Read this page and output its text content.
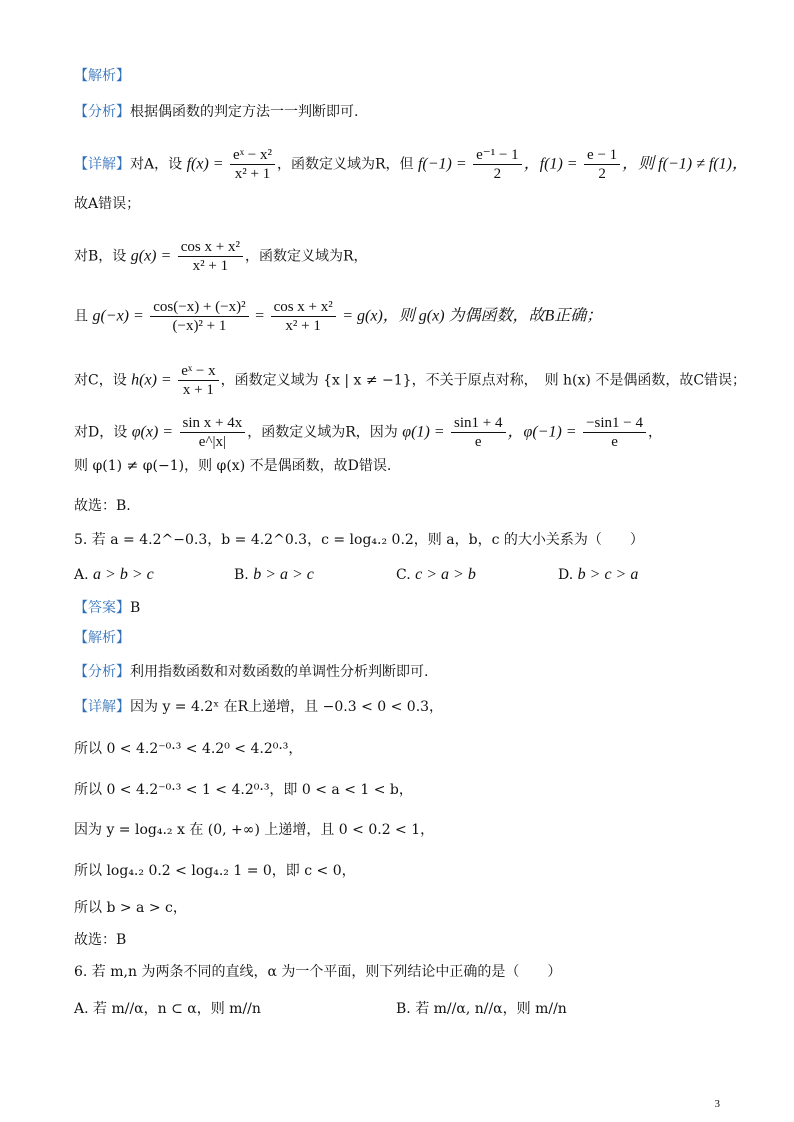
【解析】
【分析】根据偶函数的判定方法一一判断即可.
【详解】对A，设 $f(x) = \frac{\text{eˣ − x²}}{\text{x² + 1}}$ ，函数定义域为R，但 $f(-1) = \frac{\text{e⁻¹ − 1}}{2}$ ，$f(1) = \frac{e - 1}{2}$ ，则 f(−1) ≠ f(1)，
故A错误；
对B，设 $g(x) = \frac{\text{cos x + x²}}{\text{x² + 1}}$ ，函数定义域为R，
且 $g(-x) = \frac{\text{cos(−x) + (−x)²}}{\text{(−x)² + 1}} = \frac{\text{cos x + x²}}{\text{x² + 1}} = g(x)$，则 g(x) 为偶函数，故B正确；
对C，设 $h(x) = \frac{\text{eˣ − x}}{x + 1}$ ，函数定义域为 {x | x ≠ −1}，不关于原点对称，　则 h(x) 不是偶函数，故C错误；
对D，设 $\varphi(x) = \frac{\text{sin x + 4x}}{e\^{}|x|}$ ，函数定义域为R，因为 $\varphi(1) = \frac{\sin 1 + 4}{e}$ ，$\varphi(-1) = \frac{-\sin 1 - 4}{e}$ ，
则 φ(1) ≠ φ(−1)，则 φ(x) 不是偶函数，故D错误.
故选：B.
5. 若 a = 4.2^−0.3，b = 4.2^0.3，c = log₄.₂ 0.2，则 a，b，c 的大小关系为（　　）
A. a > b > c	B. b > a > c	C. c > a > b	D. b > c > a
【答案】B
【解析】
【分析】利用指数函数和对数函数的单调性分析判断即可.
【详解】因为 y = 4.2ˣ 在R上递增，且 −0.3 < 0 < 0.3，
所以 0 < 4.2⁻⁰·³ < 4.2⁰ < 4.2⁰·³，
所以 0 < 4.2⁻⁰·³ < 1 < 4.2⁰·³，即 0 < a < 1 < b，
因为 y = log₄.₂ x 在 (0, +∞) 上递增，且 0 < 0.2 < 1，
所以 log₄.₂ 0.2 < log₄.₂ 1 = 0，即 c < 0，
所以 b > a > c，
故选：B
6. 若 m,n 为两条不同的直线，α 为一个平面，则下列结论中正确的是（　　）
A. 若 m//α，n ⊂ α，则 m//n	B. 若 m//α, n//α，则 m//n
3
